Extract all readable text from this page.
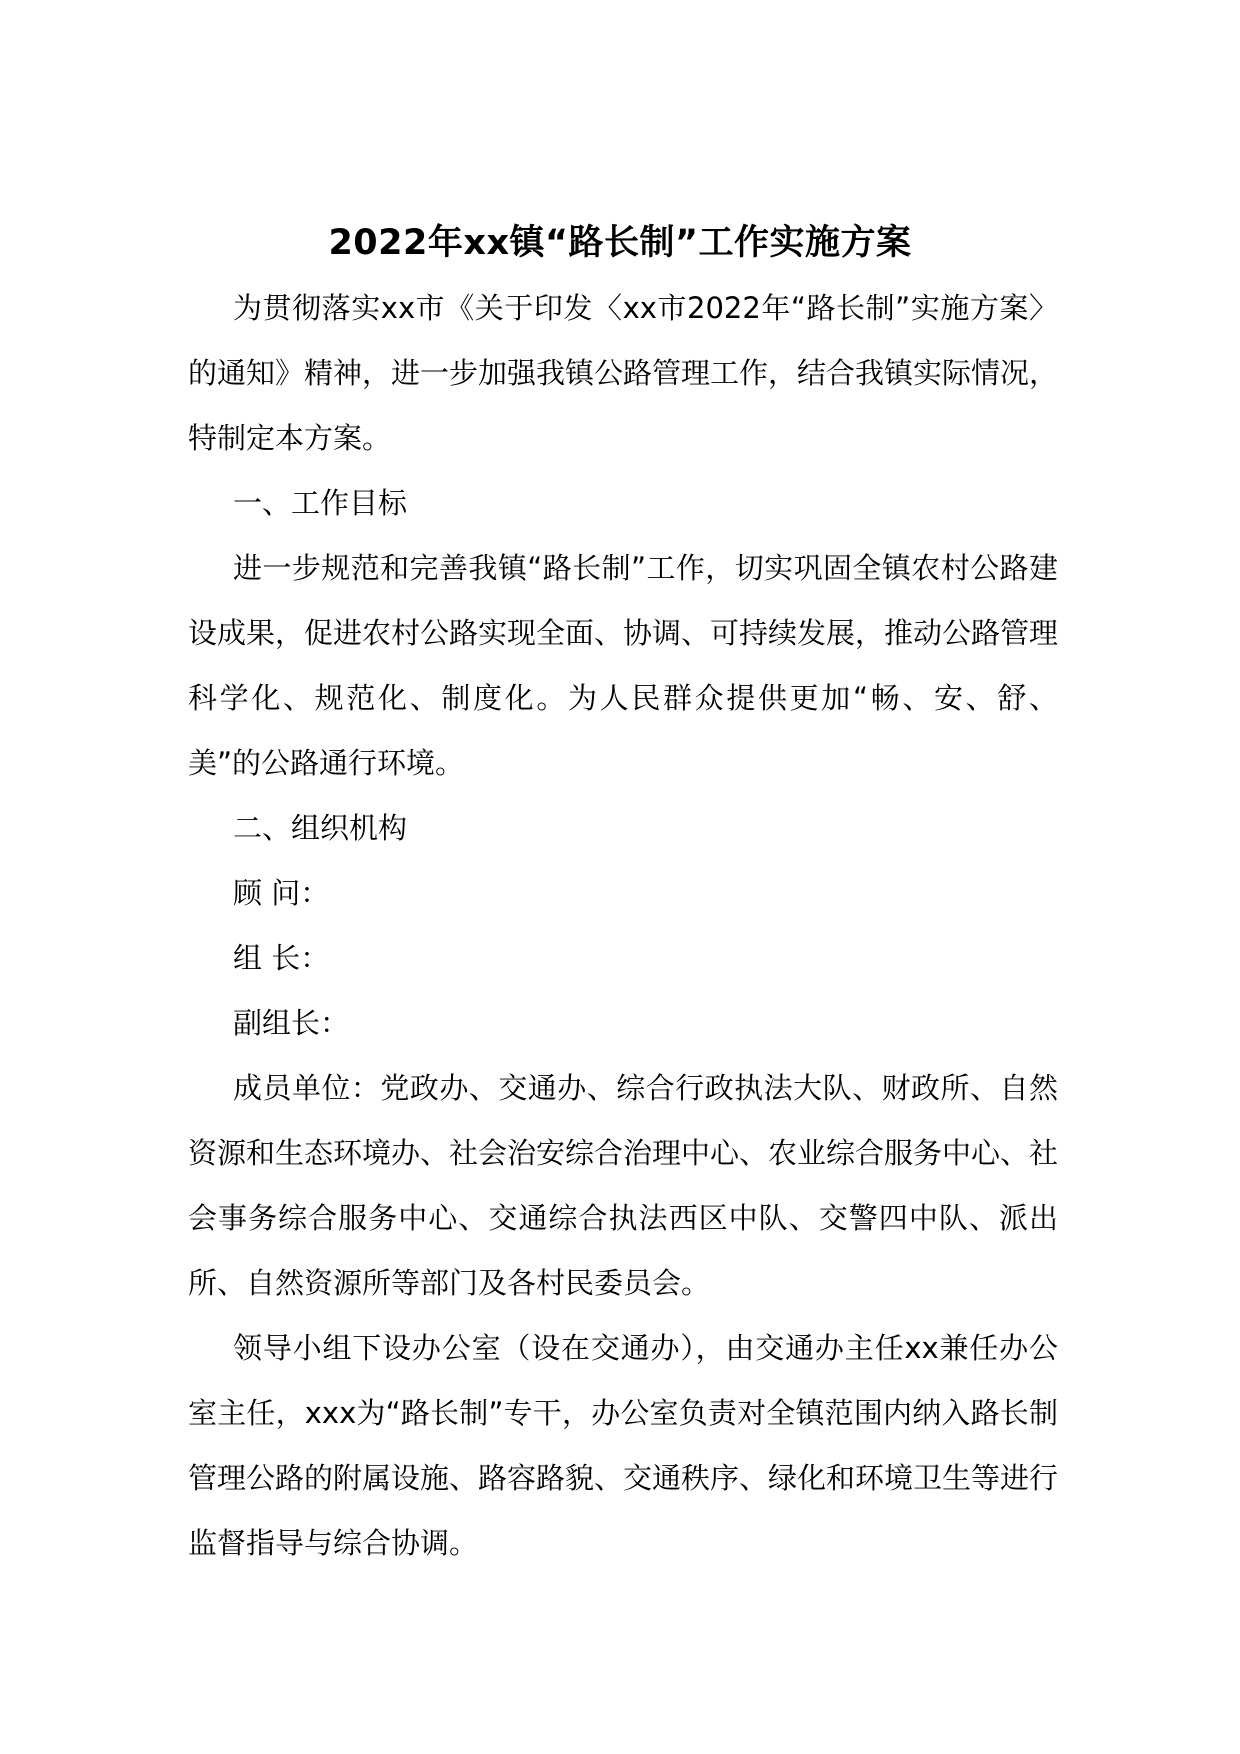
2022年xx镇“路长制”工作实施方案

为贯彻落实xx市《关于印发〈xx市2022年“路长制”实施方案〉的通知》精神，进一步加强我镇公路管理工作，结合我镇实际情况，特制定本方案。

一、工作目标

进一步规范和完善我镇“路长制”工作，切实巩固全镇农村公路建设成果，促进农村公路实现全面、协调、可持续发展，推动公路管理科学化、规范化、制度化。为人民群众提供更加“畅、安、舒、美”的公路通行环境。

二、组织机构

顾 问：

组 长：

副组长：

成员单位：党政办、交通办、综合行政执法大队、财政所、自然资源和生态环境办、社会治安综合治理中心、农业综合服务中心、社会事务综合服务中心、交通综合执法西区中队、交警四中队、派出所、自然资源所等部门及各村民委员会。

领导小组下设办公室（设在交通办），由交通办主任xx兼任办公室主任，xxx为“路长制”专干，办公室负责对全镇范围内纳入路长制管理公路的附属设施、路容路貌、交通秩序、绿化和环境卫生等进行监督指导与综合协调。
